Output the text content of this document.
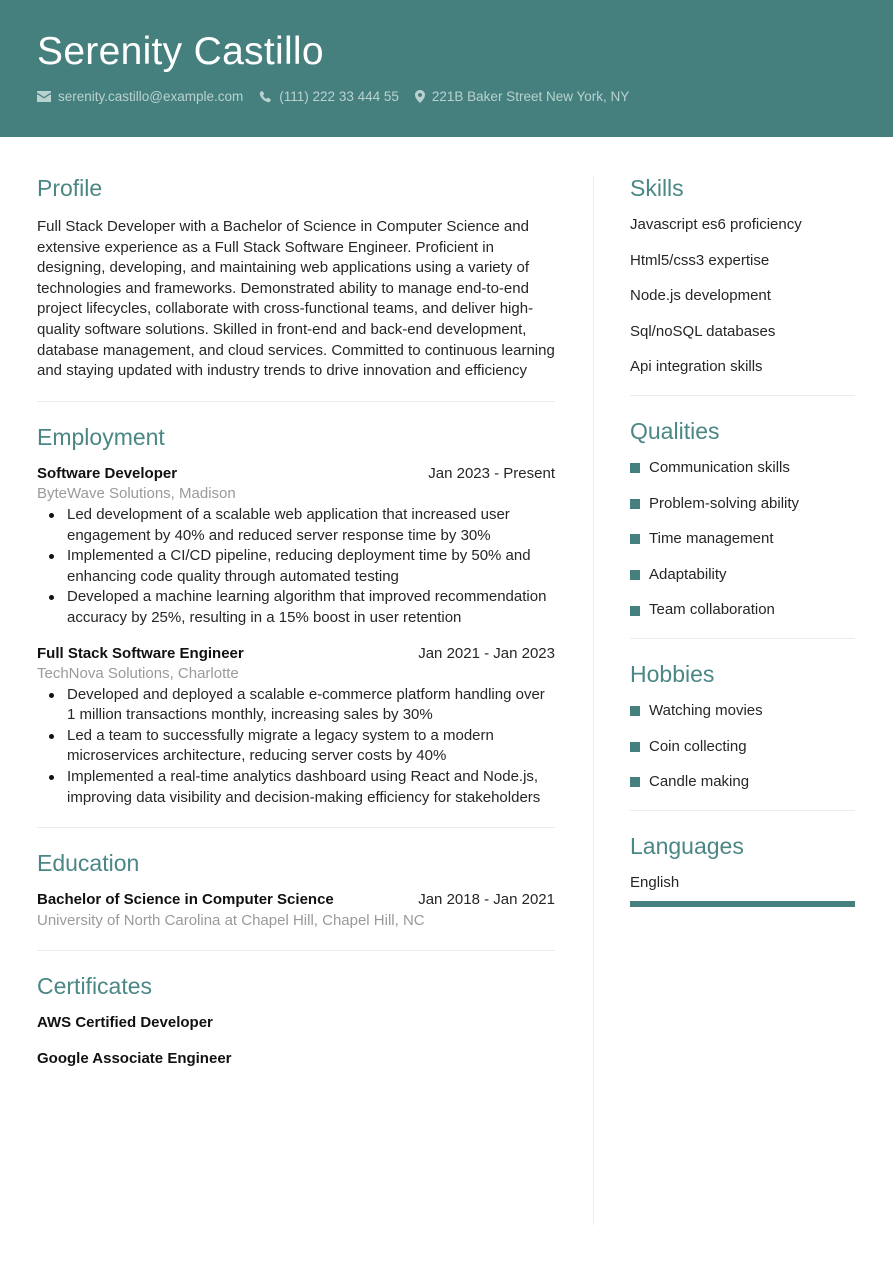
Serenity Castillo
serenity.castillo@example.com	(111) 222 33 444 55 221B Baker Street New York, NY
Profile

Full Stack Developer with a Bachelor of Science in Computer Science and extensive experience as a Full Stack Software Engineer. Proficient in designing, developing, and maintaining web applications using a variety of technologies and frameworks. Demonstrated ability to manage end-to-end project lifecycles, collaborate with cross-functional teams, and deliver high-quality software solutions. Skilled in front-end and back-end development, database management, and cloud services. Committed to continuous learning and staying updated with industry trends to drive innovation and efficiency

Employment
Software Developer	Jan 2023 - Present
ByteWave Solutions, Madison
Led development of a scalable web application that increased user engagement by 40% and reduced server response time by 30%
Implemented a CI/CD pipeline, reducing deployment time by 50% and enhancing code quality through automated testing
Developed a machine learning algorithm that improved recommendation accuracy by 25%, resulting in a 15% boost in user retention
Full Stack Software Engineer	Jan 2021 - Jan 2023
TechNova Solutions, Charlotte
Developed and deployed a scalable e-commerce platform handling over 1 million transactions monthly, increasing sales by 30%
Led a team to successfully migrate a legacy system to a modern microservices architecture, reducing server costs by 40%
Implemented a real-time analytics dashboard using React and Node.js, improving data visibility and decision-making efficiency for stakeholders
Education
Bachelor of Science in Computer Science	Jan 2018 - Jan 2021
University of North Carolina at Chapel Hill, Chapel Hill, NC
Certificates
AWS Certified Developer
Google Associate Engineer
Skills
Javascript es6 proficiency
Html5/css3 expertise
Node.js development
Sql/noSQL databases
Api integration skills
Qualities
Communication skills
Problem-solving ability
Time management
Adaptability
Team collaboration
Hobbies
Watching movies
Coin collecting
Candle making
Languages
English
